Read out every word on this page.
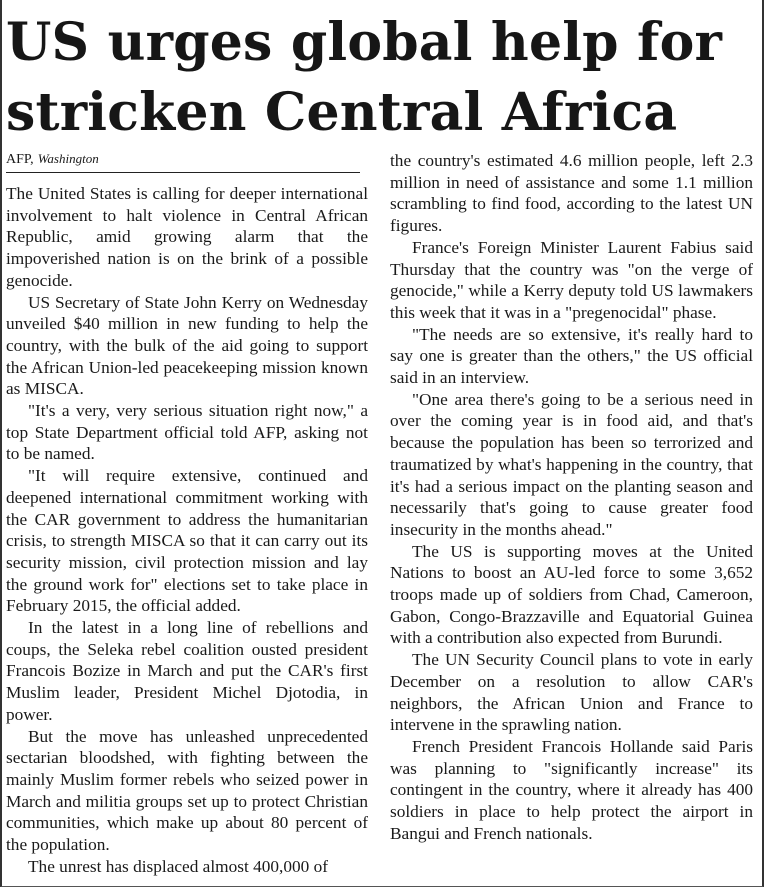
US urges global help for stricken Central Africa
AFP, Washington

The United States is calling for deeper international involvement to halt violence in Central African Republic, amid growing alarm that the impoverished nation is on the brink of a possible genocide.

US Secretary of State John Kerry on Wednesday unveiled $40 million in new funding to help the country, with the bulk of the aid going to support the African Union-led peacekeeping mission known as MISCA.

"It's a very, very serious situation right now," a top State Department official told AFP, asking not to be named.

"It will require extensive, continued and deepened international commitment working with the CAR government to address the humanitarian crisis, to strength MISCA so that it can carry out its security mission, civil protection mission and lay the ground work for" elections set to take place in February 2015, the official added.

In the latest in a long line of rebellions and coups, the Seleka rebel coalition ousted president Francois Bozize in March and put the CAR's first Muslim leader, President Michel Djotodia, in power.

But the move has unleashed unprecedented sectarian bloodshed, with fighting between the mainly Muslim former rebels who seized power in March and militia groups set up to protect Christian communities, which make up about 80 percent of the population.

The unrest has displaced almost 400,000 of

the country's estimated 4.6 million people, left 2.3 million in need of assistance and some 1.1 million scrambling to find food, according to the latest UN figures.

France's Foreign Minister Laurent Fabius said Thursday that the country was "on the verge of genocide," while a Kerry deputy told US lawmakers this week that it was in a "pregenocidal" phase.

"The needs are so extensive, it's really hard to say one is greater than the others," the US official said in an interview.

"One area there's going to be a serious need in over the coming year is in food aid, and that's because the population has been so terrorized and traumatized by what's happening in the country, that it's had a serious impact on the planting season and necessarily that's going to cause greater food insecurity in the months ahead."

The US is supporting moves at the United Nations to boost an AU-led force to some 3,652 troops made up of soldiers from Chad, Cameroon, Gabon, Congo-Brazzaville and Equatorial Guinea with a contribution also expected from Burundi.

The UN Security Council plans to vote in early December on a resolution to allow CAR's neighbors, the African Union and France to intervene in the sprawling nation.

French President Francois Hollande said Paris was planning to "significantly increase" its contingent in the country, where it already has 400 soldiers in place to help protect the airport in Bangui and French nationals.
